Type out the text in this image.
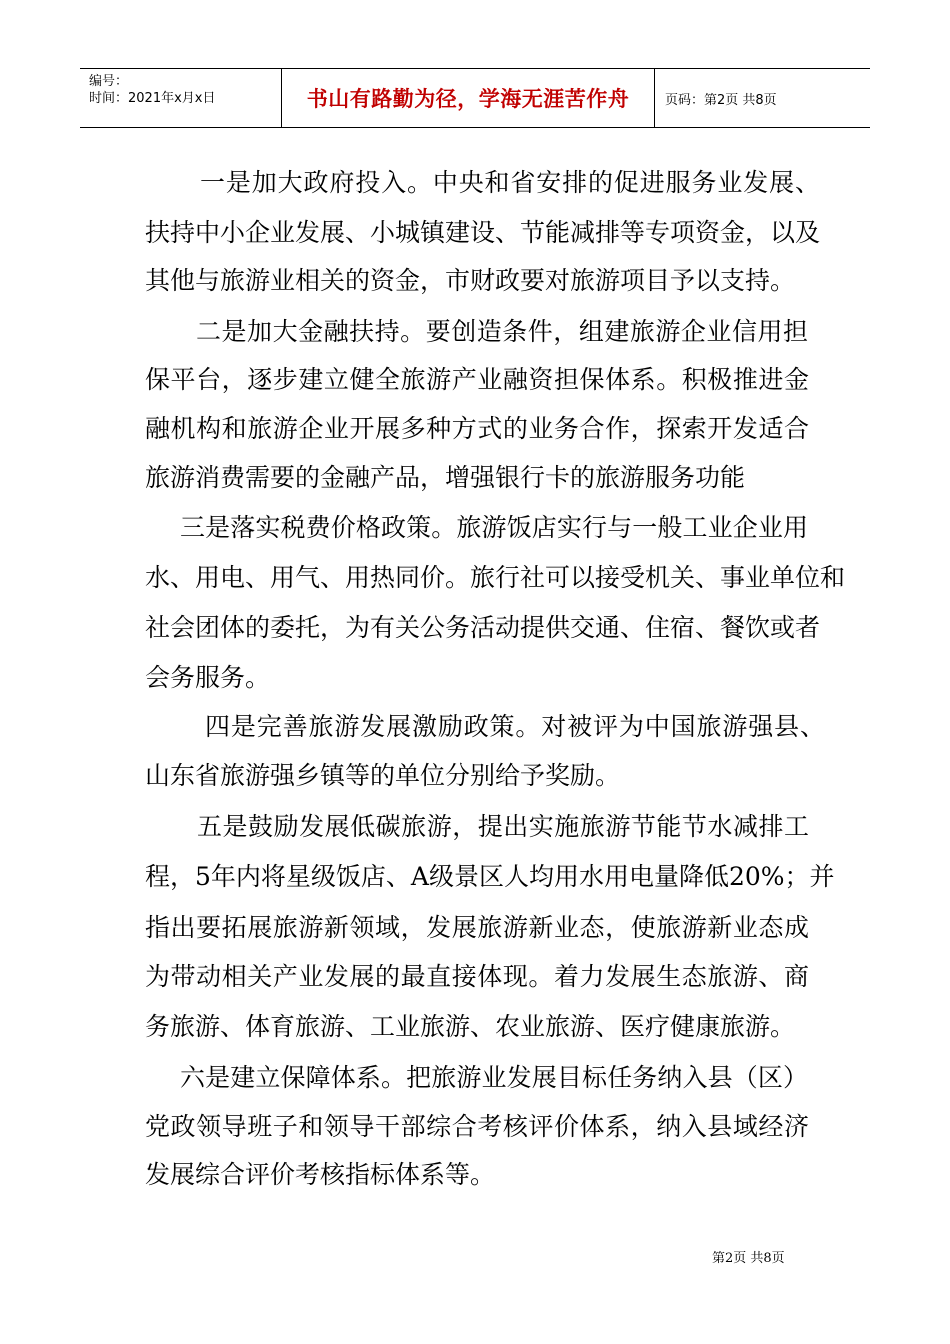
编号：
时间：2021年x月x日	书山有路勤为径，学海无涯苦作舟	页码：第2页 共8页
一是加大政府投入。中央和省安排的促进服务业发展、
扶持中小企业发展、小城镇建设、节能减排等专项资金，以及
其他与旅游业相关的资金，市财政要对旅游项目予以支持。
二是加大金融扶持。要创造条件，组建旅游企业信用担
保平台，逐步建立健全旅游产业融资担保体系。积极推进金
融机构和旅游企业开展多种方式的业务合作，探索开发适合
旅游消费需要的金融产品，增强银行卡的旅游服务功能
三是落实税费价格政策。旅游饭店实行与一般工业企业用
水、用电、用气、用热同价。旅行社可以接受机关、事业单位和
社会团体的委托，为有关公务活动提供交通、住宿、餐饮或者
会务服务。
四是完善旅游发展激励政策。对被评为中国旅游强县、
山东省旅游强乡镇等的单位分别给予奖励。
五是鼓励发展低碳旅游，提出实施旅游节能节水减排工
程，5年内将星级饭店、A级景区人均用水用电量降低20%；并
指出要拓展旅游新领域，发展旅游新业态，使旅游新业态成
为带动相关产业发展的最直接体现。着力发展生态旅游、商
务旅游、体育旅游、工业旅游、农业旅游、医疗健康旅游。
六是建立保障体系。把旅游业发展目标任务纳入县（区）
党政领导班子和领导干部综合考核评价体系，纳入县域经济
发展综合评价考核指标体系等。
第2页 共8页
